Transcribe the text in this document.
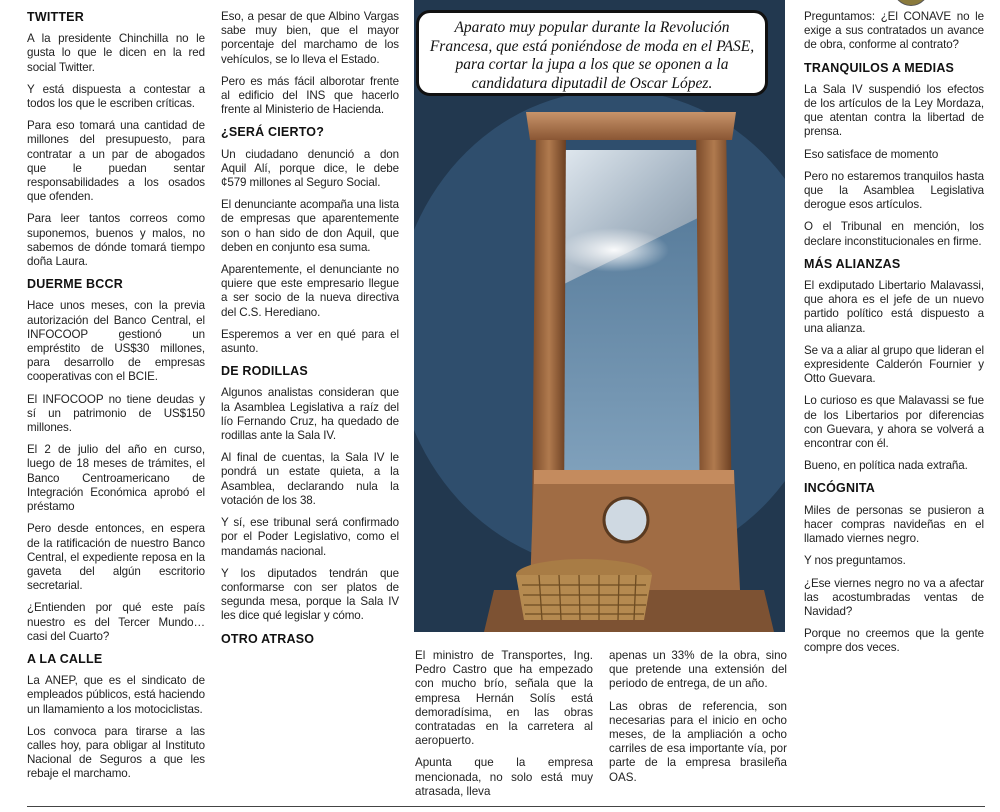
TWITTER

A la presidente Chinchilla no le gusta lo que le dicen en la red social Twitter.

Y está dispuesta a contestar a todos los que le escriben críticas.

Para eso tomará una cantidad de millones del presupuesto, para contratar a un par de abogados que le puedan sentar responsabilidades a los osados que ofenden.

Para leer tantos correos como suponemos, buenos y malos, no sabemos de dónde tomará tiempo doña Laura.

DUERME BCCR

Hace unos meses, con la previa autorización del Banco Central, el INFOCOOP gestionó un empréstito de US$30 millones, para desarrollo de empresas cooperativas con el BCIE.

El INFOCOOP no tiene deudas y sí un patrimonio de US$150 millones.

El 2 de julio del año en curso, luego de 18 meses de trámites, el Banco Centroamericano de Integración Económica aprobó el préstamo

Pero desde entonces, en espera de la ratificación de nuestro Banco Central, el expediente reposa en la gaveta del algún escritorio secretarial.

¿Entienden por qué este país nuestro es del Tercer Mundo… casi del Cuarto?

A LA CALLE

La ANEP, que es el sindicato de empleados públicos, está haciendo un llamamiento a los motociclistas.

Los convoca para tirarse a las calles hoy, para obligar al Instituto Nacional de Seguros a que les rebaje el marchamo.

Eso, a pesar de que Albino Vargas sabe muy bien, que el mayor porcentaje del marchamo de los vehículos, se lo lleva el Estado.

Pero es más fácil alborotar frente al edificio del INS que hacerlo frente al Ministerio de Hacienda.

¿SERÁ CIERTO?

Un ciudadano denunció a don Aquil Alí, porque dice, le debe ¢579 millones al Seguro Social.

El denunciante acompaña una lista de empresas que aparentemente son o han sido de don Aquil, que deben en conjunto esa suma.

Aparentemente, el denunciante no quiere que este empresario llegue a ser socio de la nueva directiva del C.S. Herediano.

Esperemos a ver en qué para el asunto.

DE RODILLAS

Algunos analistas consideran que la Asamblea Legislativa a raíz del lío Fernando Cruz, ha quedado de rodillas ante la Sala IV.

Al final de cuentas, la Sala IV le pondrá un estate quieta, a la Asamblea, declarando nula la votación de los 38.

Y sí, ese tribunal será confirmado por el Poder Legislativo, como el mandamás nacional.

Y los diputados tendrán que conformarse con ser platos de segunda mesa, porque la Sala IV les dice qué legislar y cómo.

OTRO ATRASO
Aparato muy popular durante la Revolución Francesa, que está poniéndose de moda en el PASE, para cortar la jupa a los que se oponen a la candidatura diputadil de Oscar López.

El ministro de Transportes, Ing. Pedro Castro que ha empezado con mucho brío, señala que la empresa Hernán Solís está demoradísima, en las obras contratadas en la carretera al aeropuerto.

Apunta que la empresa mencionada, no solo está muy atrasada, lleva

apenas un 33% de la obra, sino que pretende una extensión del periodo de entrega, de un año.

Las obras de referencia, son necesarias para el inicio en ocho meses, de la ampliación a ocho carriles de esa importante vía, por parte de la empresa brasileña OAS.

Preguntamos: ¿El CONAVE no le exige a sus contratados un avance de obra, conforme al contrato?

TRANQUILOS A MEDIAS

La Sala IV suspendió los efectos de los artículos de la Ley Mordaza, que atentan contra la libertad de prensa.

Eso satisface de momento

Pero no estaremos tranquilos hasta que la Asamblea Legislativa derogue esos artículos.

O el Tribunal en mención, los declare inconstitucionales en firme.

MÁS ALIANZAS

El exdiputado Libertario Malavassi, que ahora es el jefe de un nuevo partido político está dispuesto a una alianza.

Se va a aliar al grupo que lideran el expresidente Calderón Fournier y Otto Guevara.

Lo curioso es que Malavassi se fue de los Libertarios por diferencias con Guevara, y ahora se volverá a encontrar con él.

Bueno, en política nada extraña.

INCÓGNITA

Miles de personas se pusieron a hacer compras navideñas en el llamado viernes negro.

Y nos preguntamos.

¿Ese viernes negro no va a afectar las acostumbradas ventas de Navidad?

Porque no creemos que la gente compre dos veces.
